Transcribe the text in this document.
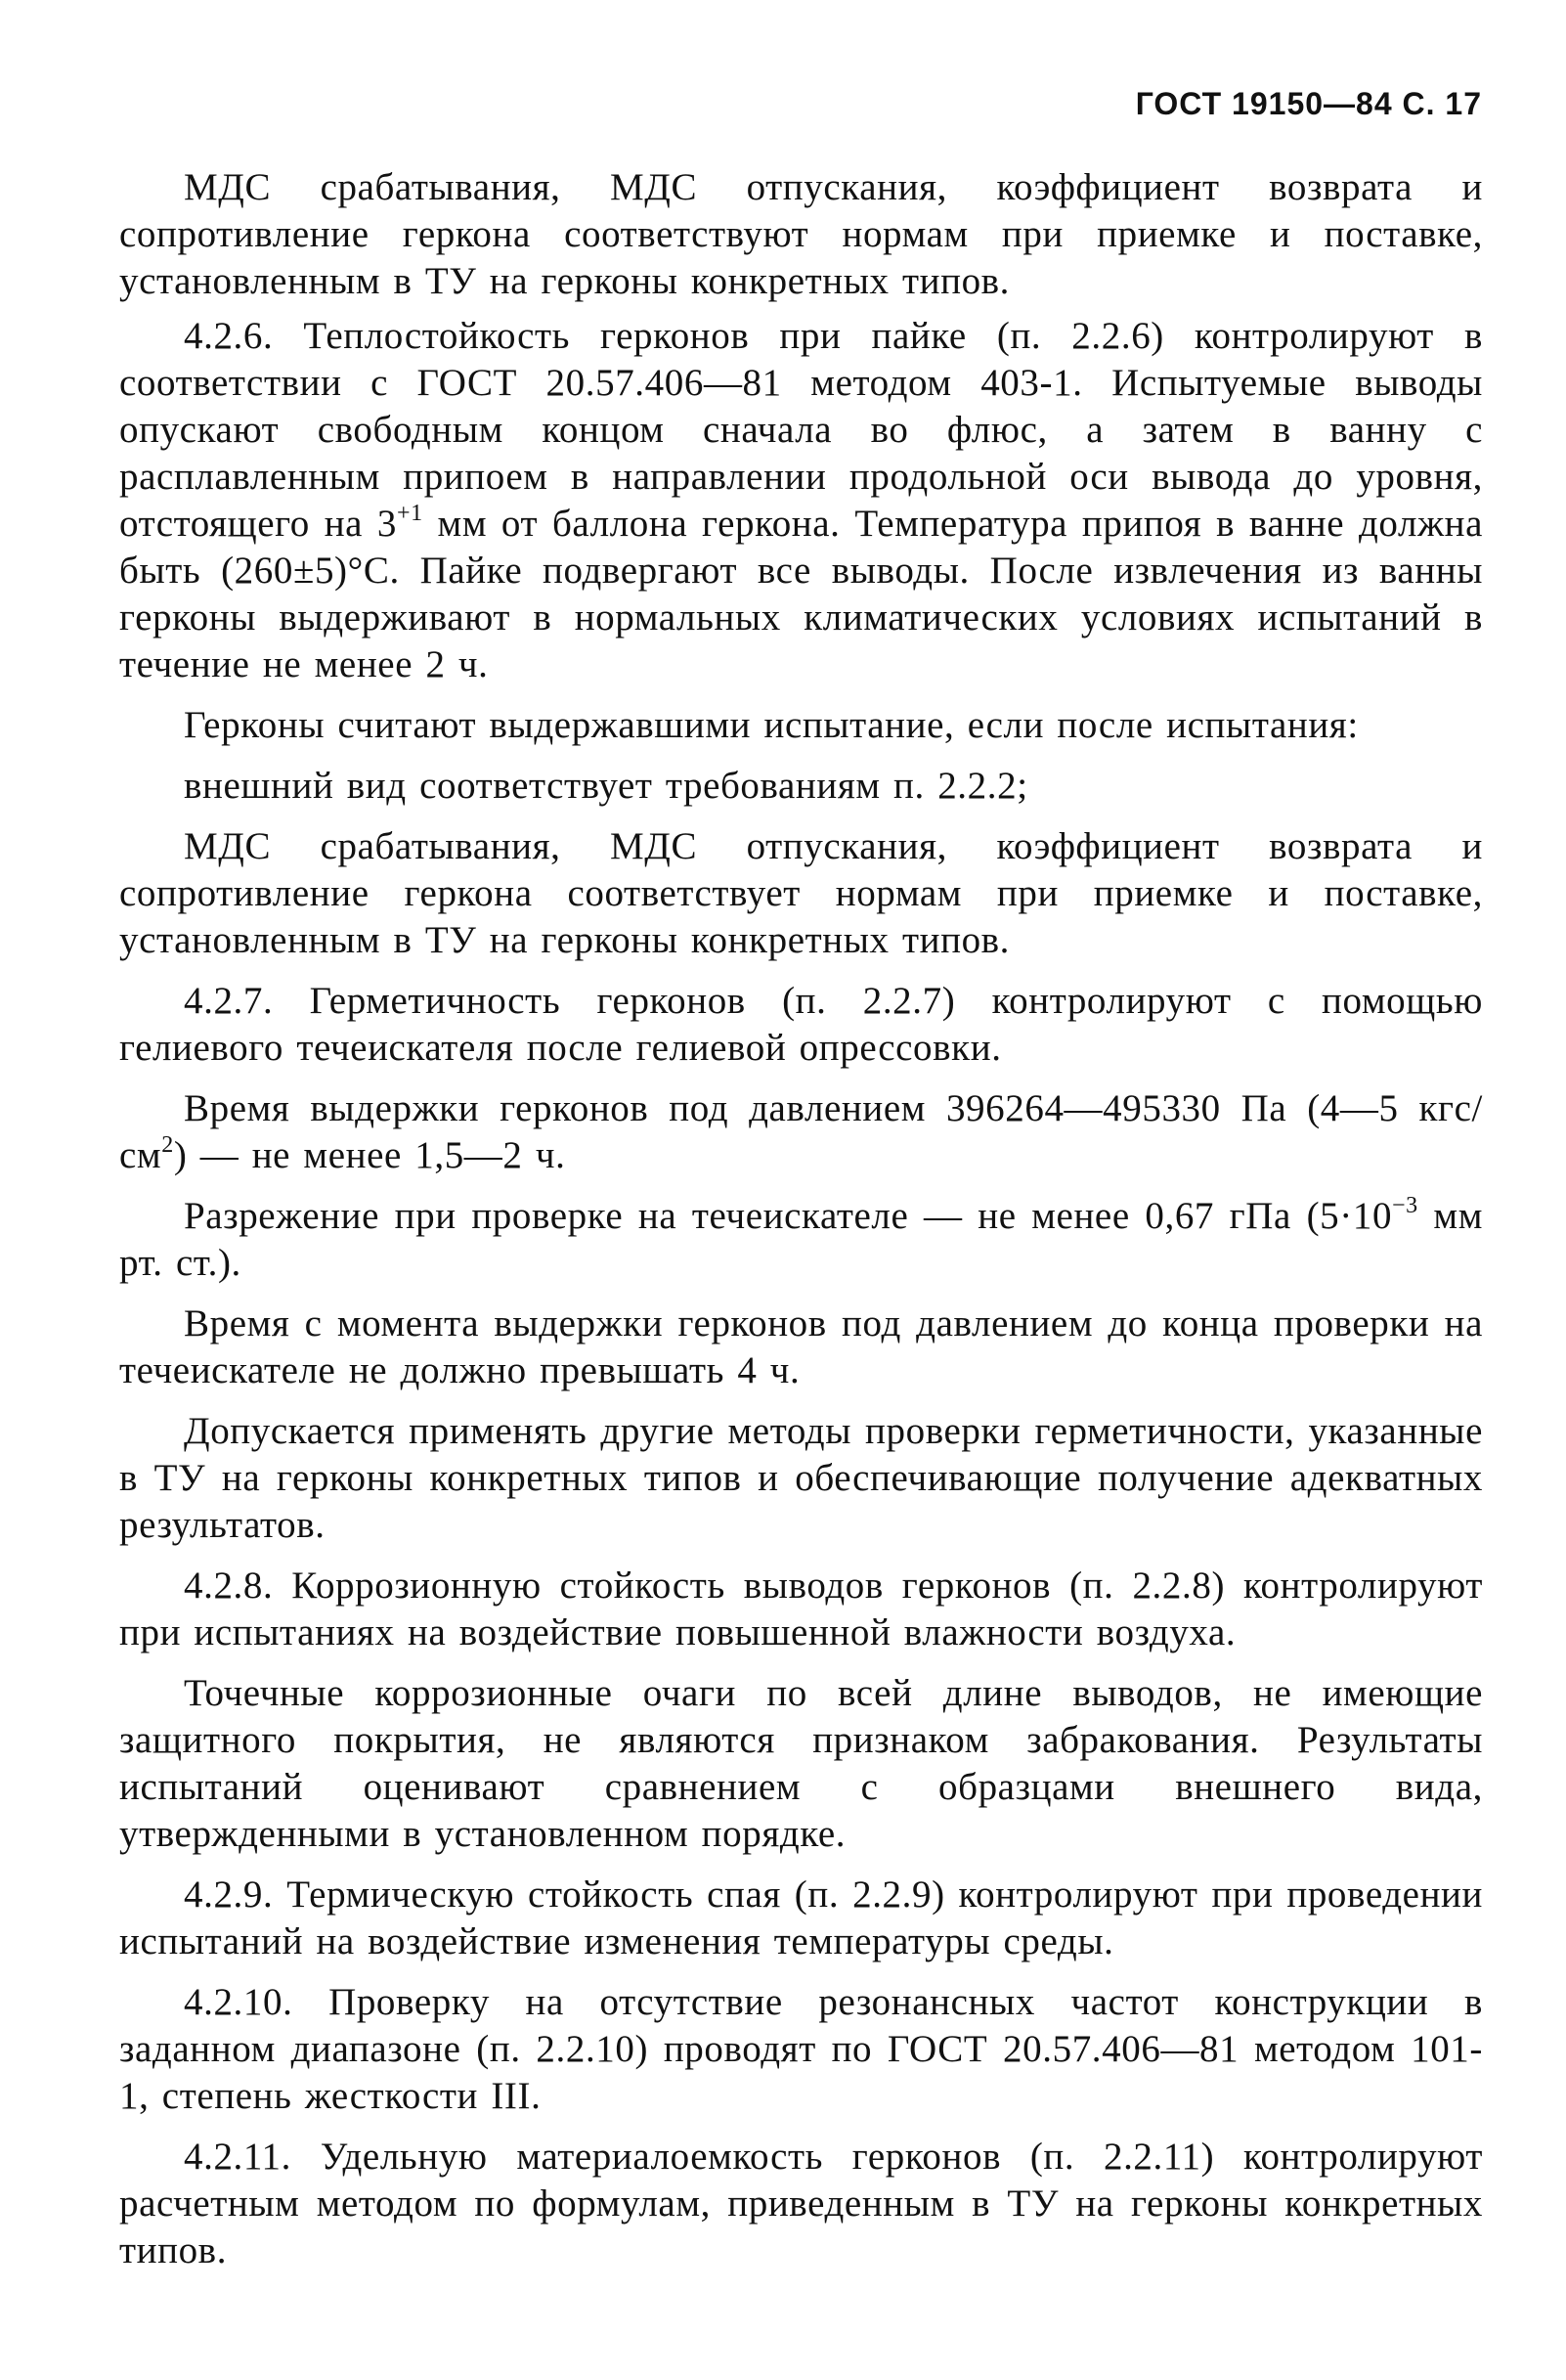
ГОСТ 19150—84 С. 17

МДС срабатывания, МДС отпускания, коэффициент возврата и сопротивление геркона соответствуют нормам при приемке и поставке, установленным в ТУ на герконы конкретных типов.

4.2.6. Теплостойкость герконов при пайке (п. 2.2.6) контролируют в соответствии с ГОСТ 20.57.406—81 методом 403-1. Испытуемые выводы опускают свободным концом сначала во флюс, а затем в ванну с расплавленным припоем в направлении продольной оси вывода до уровня, отстоящего на $3^{+1}$ мм от баллона геркона. Температура припоя в ванне должна быть (260±5)°С. Пайке подвергают все выводы. После извлечения из ванны герконы выдерживают в нормальных климатических условиях испытаний в течение не менее 2 ч.

Герконы считают выдержавшими испытание, если после испытания:

внешний вид соответствует требованиям п. 2.2.2;

МДС срабатывания, МДС отпускания, коэффициент возврата и сопротивление геркона соответствует нормам при приемке и поставке, установленным в ТУ на герконы конкретных типов.

4.2.7. Герметичность герконов (п. 2.2.7) контролируют с помощью гелиевого течеискателя после гелиевой опрессовки.

Время выдержки герконов под давлением 396264—495330 Па (4—5 кгс/$см^2$) — не менее 1,5—2 ч.

Разрежение при проверке на течеискателе — не менее 0,67 гПа ($5\cdot 10^{-3}$ мм рт. ст.).

Время с момента выдержки герконов под давлением до конца проверки на течеискателе не должно превышать 4 ч.

Допускается применять другие методы проверки герметичности, указанные в ТУ на герконы конкретных типов и обеспечивающие получение адекватных результатов.

4.2.8. Коррозионную стойкость выводов герконов (п. 2.2.8) контролируют при испытаниях на воздействие повышенной влажности воздуха.

Точечные коррозионные очаги по всей длине выводов, не имеющие защитного покрытия, не являются признаком забракования. Результаты испытаний оценивают сравнением с образцами внешнего вида, утвержденными в установленном порядке.

4.2.9. Термическую стойкость спая (п. 2.2.9) контролируют при проведении испытаний на воздействие изменения температуры среды.

4.2.10. Проверку на отсутствие резонансных частот конструкции в заданном диапазоне (п. 2.2.10) проводят по ГОСТ 20.57.406—81 методом 101-1, степень жесткости III.

4.2.11. Удельную материалоемкость герконов (п. 2.2.11) контролируют расчетным методом по формулам, приведенным в ТУ на герконы конкретных типов.
